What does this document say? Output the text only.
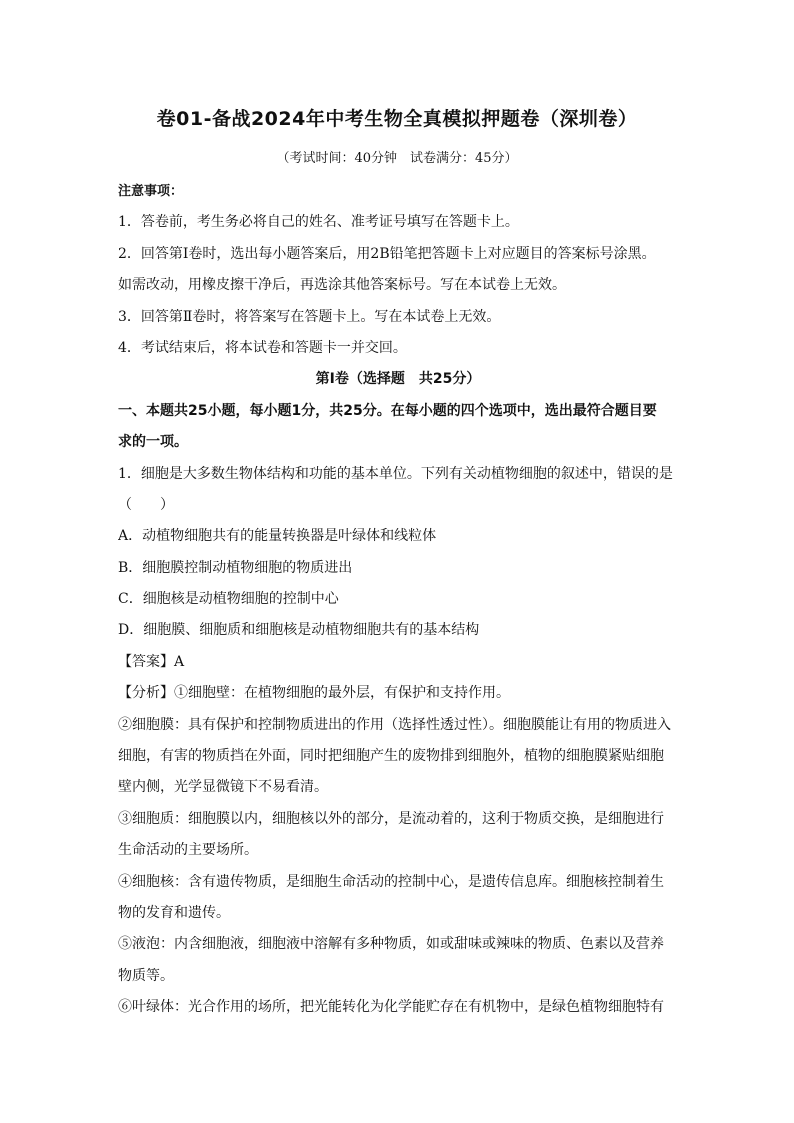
卷01-备战2024年中考生物全真模拟押题卷（深圳卷）
（考试时间：40分钟　试卷满分：45分）
注意事项：
1．答卷前，考生务必将自己的姓名、准考证号填写在答题卡上。
2．回答第Ⅰ卷时，选出每小题答案后，用2B铅笔把答题卡上对应题目的答案标号涂黑。
如需改动，用橡皮擦干净后，再选涂其他答案标号。写在本试卷上无效。
3．回答第Ⅱ卷时，将答案写在答题卡上。写在本试卷上无效。
4．考试结束后，将本试卷和答题卡一并交回。
第Ⅰ卷（选择题　共25分）
一、本题共25小题，每小题1分，共25分。在每小题的四个选项中，选出最符合题目要
求的一项。
1．细胞是大多数生物体结构和功能的基本单位。下列有关动植物细胞的叙述中，错误的是
（　　）
A．动植物细胞共有的能量转换器是叶绿体和线粒体
B．细胞膜控制动植物细胞的物质进出
C．细胞核是动植物细胞的控制中心
D．细胞膜、细胞质和细胞核是动植物细胞共有的基本结构
【答案】A
【分析】①细胞壁：在植物细胞的最外层，有保护和支持作用。
②细胞膜：具有保护和控制物质进出的作用（选择性透过性）。细胞膜能让有用的物质进入
细胞，有害的物质挡在外面，同时把细胞产生的废物排到细胞外，植物的细胞膜紧贴细胞
壁内侧，光学显微镜下不易看清。
③细胞质：细胞膜以内，细胞核以外的部分，是流动着的，这利于物质交换，是细胞进行
生命活动的主要场所。
④细胞核：含有遗传物质，是细胞生命活动的控制中心，是遗传信息库。细胞核控制着生
物的发育和遗传。
⑤液泡：内含细胞液，细胞液中溶解有多种物质，如或甜味或辣味的物质、色素以及营养
物质等。
⑥叶绿体：光合作用的场所，把光能转化为化学能贮存在有机物中，是绿色植物细胞特有
